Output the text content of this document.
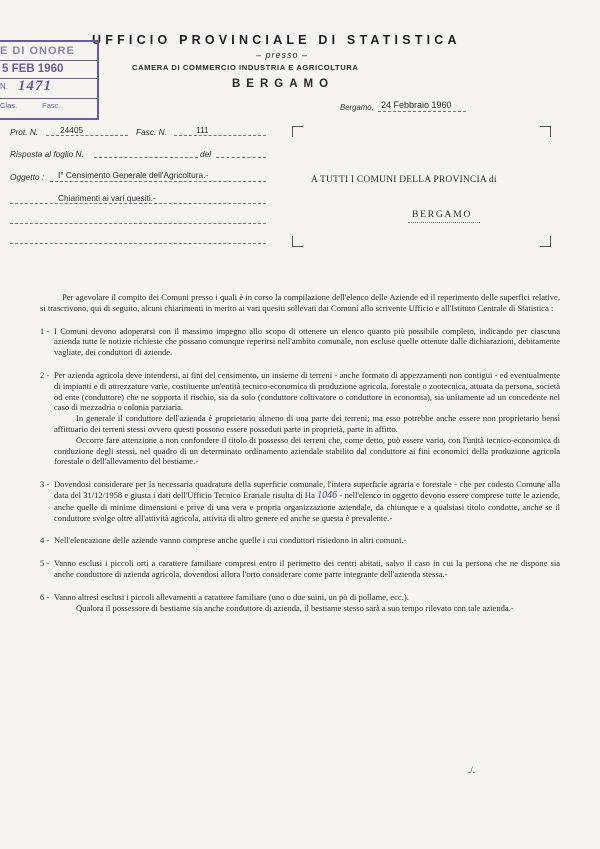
UFFICIO PROVINCIALE DI STATISTICA
– presso –
CAMERA DI COMMERCIO INDUSTRIA E AGRICOLTURA
BERGAMO
E DI ONORE
5 FEB 1960
N. 1471
Clas.	Fasc.	Bergamo, 24 Febbraio 1960
Prot. N.	24405	Fasc. N.	111
Risposta al foglio N.	del
Oggetto : I° Censimento Generale dell'Agricoltura.-
Chiarimenti ai vari quesiti.-
A TUTTI I COMUNI DELLA PROVINCIA di
BERGAMO

Per agevolare il compito dei Comuni presso i quali è in corso la compilazione dell'elenco delle Aziende ed il reperimento delle superfici relative, si trascrivono, qui di seguito, alcuni chiarimenti in merito ai vari quesiti sollevati dai Comuni allo scrivente Ufficio e all'Istituto Centrale di Statistica :

1 - I Comuni devono adoperarsi con il massimo impegno allo scopo di ottenere un elenco quanto più possibile completo, indicando per ciascuna azienda tutte le notizie richieste che possano comunque reperirsi nell'ambito comunale, non escluse quelle ottenute dalle dichiarazioni, debitamente vagliate, dei conduttori di aziende.

2 - Per azienda agricola deve intendersi, ai fini del censimento, un insieme di terreni - anche formato di appezzamenti non contigui - ed eventualmente di impianti e di attrezzature varie, costituente un'entità tecnico-economica di produzione agricola, forestale o zootecnica, attuata da persona, società od ente (conduttore) che ne sopporta il rischio, sia da solo (conduttore coltivatore o conduttore in economia), sia unitamente ad un concedente nel caso di mezzadria o colonia parziaria.

In generale il conduttore dell'azienda è proprietario almeno di una parte dei terreni; ma esso potrebbe anche essere non proprietario bensì affittuario dei terreni stessi ovvero questi possono essere posseduti parte in proprietà, parte in affitto.

Occorre fare attenzione a non confondere il titolo di possesso dei terreni che, come detto, può essere vario, con l'unità tecnico-economica di conduzione degli stessi, nel quadro di un determinato ordinamento aziendale stabilito dal conduttore ai fini economici della produzione agricola forestale o dell'allevamento del bestiame.-

3 - Dovendosi considerare per la necessaria quadratura della superficie comunale, l'intera superficie agraria e forestale - che per codesto Comune alla data del 31/12/1958 e giusta i dati dell'Ufficio Tecnico Erariale risulta di Ha 1046 - nell'elenco in oggetto devono essere comprese tutte le aziende, anche quelle di minime dimensioni e prive di una vera e propria organizzazione aziendale, da chiunque e a qualsiasi titolo condotte, anche se il conduttore svolge oltre all'attività agricola, attività di altro genere ed anche se questa è prevalente.-

4 - Nell'elencazione delle aziende vanno comprese anche quelle i cui conduttori risiedono in altri comuni.-

5 - Vanno esclusi i piccoli orti a carattere familiare compresi entro il perimetro dei centri abitati, salvo il caso in cui la persona che ne dispone sia anche conduttore di azienda agricola, dovendosi allora l'orto considerare come parte integrante dell'azienda stessa.-

6 - Vanno altresì esclusi i piccoli allevamenti a carattere familiare (uno o due suini, un pò di pollame, ecc.).

Qualora il possessore di bestiame sia anche conduttore di azienda, il bestiame stesso sarà a suo tempo rilevato con tale azienda.-

./.
